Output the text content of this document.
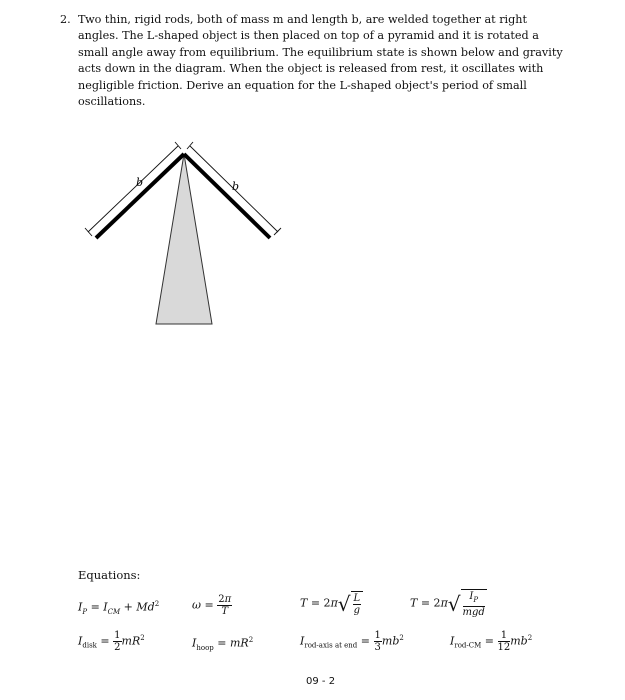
2. Two thin, rigid rods, both of mass m and length b, are welded together at right angles. The L-shaped object is then placed on top of a pyramid and it is rotated a small angle away from equilibrium. The equilibrium state is shown below and gravity acts down in the diagram. When the object is released from rest, it oscillates with negligible friction. Derive an equation for the L-shaped object's period of small oscillations.
b	b
Equations:
$I_P = I_{CM} + Md^2$	$\omega = \frac{2\pi}{T}$	$T = 2\pi√ \frac{L}{g}$	$T = 2\pi√ \frac{I_P}{\text{mgd}}$
$I_{disk} = \frac{1}{2} mR^2$	$I_{hoop} = mR^2$	$I_{rod-axis at end} = \frac{1}{3} mb^2$	$I_{rod-CM} = \frac{1}{12} mb^2$
09 - 2
